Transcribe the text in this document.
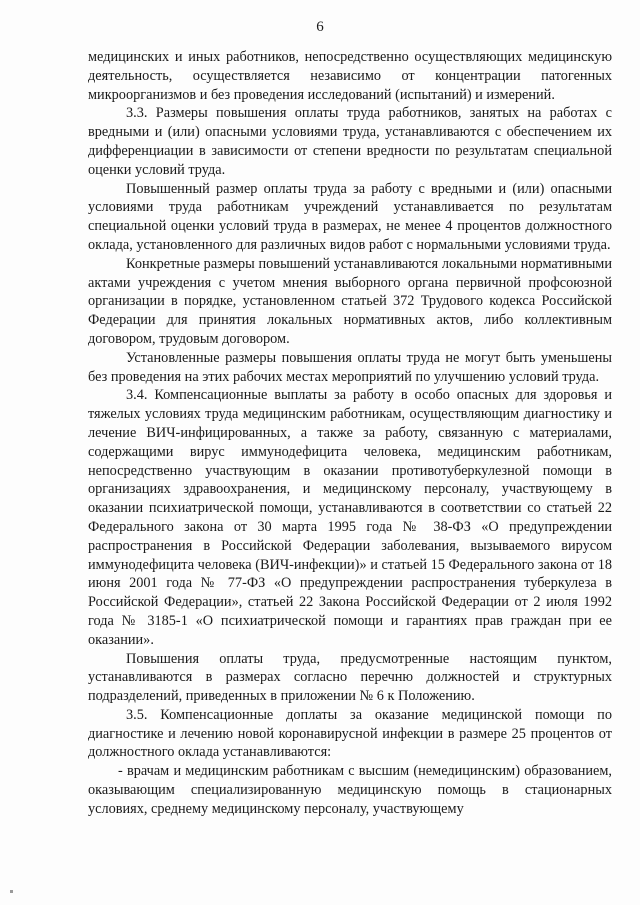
6

медицинских и иных работников, непосредственно осуществляющих медицинскую деятельность, осуществляется независимо от концентрации патогенных микроорганизмов и без проведения исследований (испытаний) и измерений.

3.3. Размеры повышения оплаты труда работников, занятых на работах с вредными и (или) опасными условиями труда, устанавливаются с обеспечением их дифференциации в зависимости от степени вредности по результатам специальной оценки условий труда.

Повышенный размер оплаты труда за работу с вредными и (или) опасными условиями труда работникам учреждений устанавливается по результатам специальной оценки условий труда в размерах, не менее 4 процентов должностного оклада, установленного для различных видов работ с нормальными условиями труда.

Конкретные размеры повышений устанавливаются локальными нормативными актами учреждения с учетом мнения выборного органа первичной профсоюзной организации в порядке, установленном статьей 372 Трудового кодекса Российской Федерации для принятия локальных нормативных актов, либо коллективным договором, трудовым договором.

Установленные размеры повышения оплаты труда не могут быть уменьшены без проведения на этих рабочих местах мероприятий по улучшению условий труда.

3.4. Компенсационные выплаты за работу в особо опасных для здоровья и тяжелых условиях труда медицинским работникам, осуществляющим диагностику и лечение ВИЧ-инфицированных, а также за работу, связанную с материалами, содержащими вирус иммунодефицита человека, медицинским работникам, непосредственно участвующим в оказании противотуберкулезной помощи в организациях здравоохранения, и медицинскому персоналу, участвующему в оказании психиатрической помощи, устанавливаются в соответствии со статьей 22 Федерального закона от 30 марта 1995 года № 38-ФЗ «О предупреждении распространения в Российской Федерации заболевания, вызываемого вирусом иммунодефицита человека (ВИЧ-инфекции)» и статьей 15 Федерального закона от 18 июня 2001 года № 77-ФЗ «О предупреждении распространения туберкулеза в Российской Федерации», статьей 22 Закона Российской Федерации от 2 июля 1992 года № 3185-1 «О психиатрической помощи и гарантиях прав граждан при ее оказании».

Повышения оплаты труда, предусмотренные настоящим пунктом, устанавливаются в размерах согласно перечню должностей и структурных подразделений, приведенных в приложении № 6 к Положению.

3.5. Компенсационные доплаты за оказание медицинской помощи по диагностике и лечению новой коронавирусной инфекции в размере 25 процентов от должностного оклада устанавливаются:

- врачам и медицинским работникам с высшим (немедицинским) образованием, оказывающим специализированную медицинскую помощь в стационарных условиях, среднему медицинскому персоналу, участвующему
